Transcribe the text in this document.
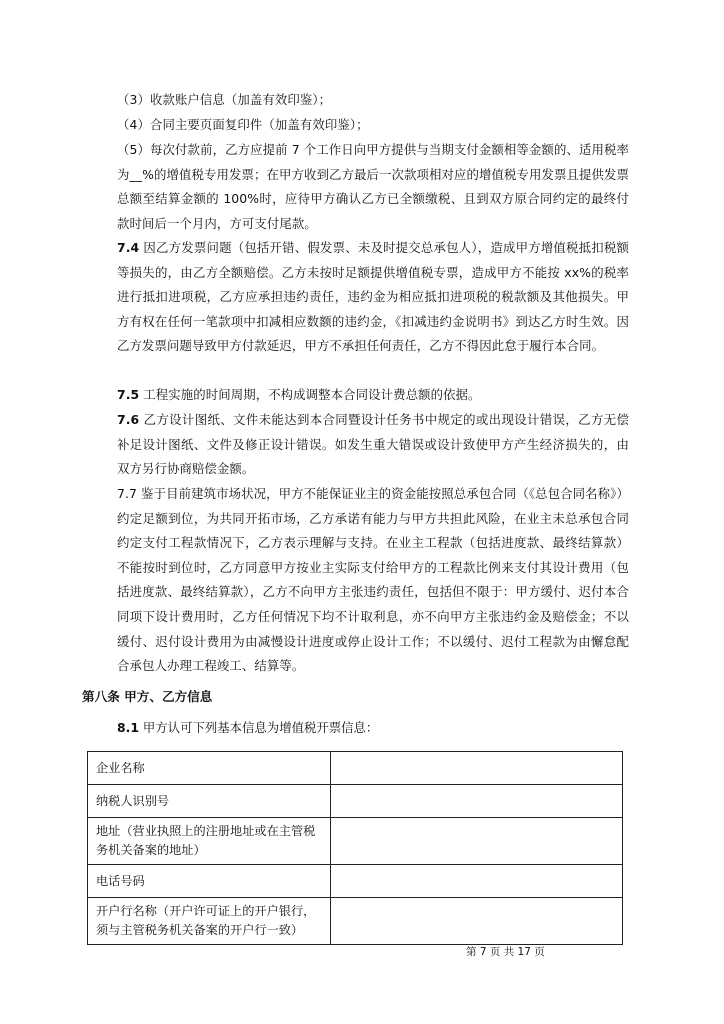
（3）收款账户信息（加盖有效印鉴）；

（4）合同主要页面复印件（加盖有效印鉴）；

（5）每次付款前，乙方应提前 7 个工作日向甲方提供与当期支付金额相等金额的、适用税率为__%的增值税专用发票；在甲方收到乙方最后一次款项相对应的增值税专用发票且提供发票总额至结算金额的 100%时，应待甲方确认乙方已全额缴税、且到双方原合同约定的最终付款时间后一个月内，方可支付尾款。

7.4 因乙方发票问题（包括开错、假发票、未及时提交总承包人），造成甲方增值税抵扣税额等损失的，由乙方全额赔偿。乙方未按时足额提供增值税专票，造成甲方不能按 xx%的税率进行抵扣进项税，乙方应承担违约责任，违约金为相应抵扣进项税的税款额及其他损失。甲方有权在任何一笔款项中扣减相应数额的违约金，《扣减违约金说明书》到达乙方时生效。因乙方发票问题导致甲方付款延迟，甲方不承担任何责任，乙方不得因此怠于履行本合同。

7.5 工程实施的时间周期，不构成调整本合同设计费总额的依据。

7.6 乙方设计图纸、文件未能达到本合同暨设计任务书中规定的或出现设计错误，乙方无偿补足设计图纸、文件及修正设计错误。如发生重大错误或设计致使甲方产生经济损失的，由双方另行协商赔偿金额。

7.7 鉴于目前建筑市场状况，甲方不能保证业主的资金能按照总承包合同（《总包合同名称》）约定足额到位，为共同开拓市场，乙方承诺有能力与甲方共担此风险，在业主未总承包合同约定支付工程款情况下，乙方表示理解与支持。在业主工程款（包括进度款、最终结算款）不能按时到位时，乙方同意甲方按业主实际支付给甲方的工程款比例来支付其设计费用（包括进度款、最终结算款），乙方不向甲方主张违约责任，包括但不限于：甲方缓付、迟付本合同项下设计费用时，乙方任何情况下均不计取利息，亦不向甲方主张违约金及赔偿金；不以缓付、迟付设计费用为由减慢设计进度或停止设计工作；不以缓付、迟付工程款为由懈怠配合承包人办理工程竣工、结算等。

第八条 甲方、乙方信息

8.1 甲方认可下列基本信息为增值税开票信息：

企业名称	
纳税人识别号	
地址（营业执照上的注册地址或在主管税务机关备案的地址）	
电话号码	
开户行名称（开户许可证上的开户银行，须与主管税务机关备案的开户行一致）	

第 7 页 共 17 页
